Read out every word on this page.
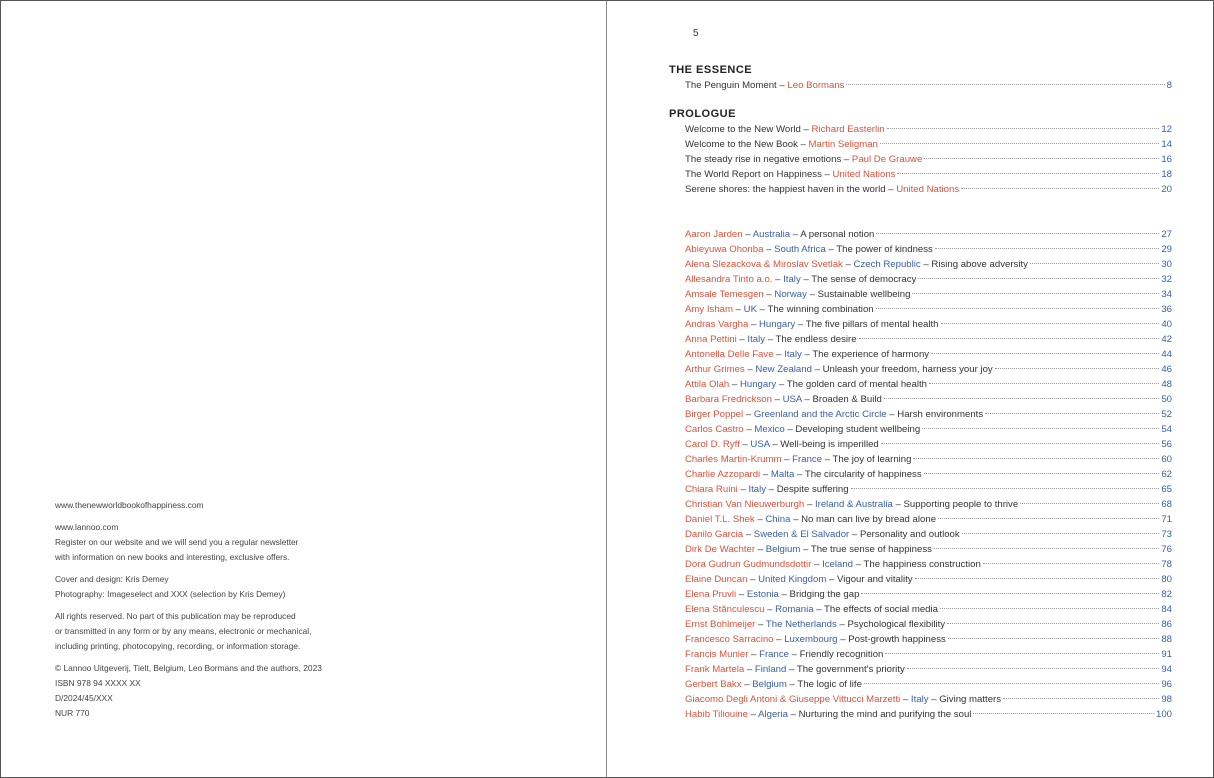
www.thenewworldbookofhappiness.com
www.lannoo.com
Register on our website and we will send you a regular newsletter
with information on new books and interesting, exclusive offers.
Cover and design: Kris Demey
Photography: Imageselect and XXX (selection by Kris Demey)
All rights reserved. No part of this publication may be reproduced
or transmitted in any form or by any means, electronic or mechanical,
including printing, photocopying, recording, or information storage.
© Lannoo Uitgeverij, Tielt, Belgium, Leo Bormans and the authors, 2023
ISBN 978 94 XXXX XX
D/2024/45/XXX
NUR 770
5
THE ESSENCE
The Penguin Moment – Leo Bormans	8
PROLOGUE
Welcome to the New World – Richard Easterlin	12
Welcome to the New Book – Martin Seligman	14
The steady rise in negative emotions – Paul De Grauwe	16
The World Report on Happiness – United Nations	18
Serene shores: the happiest haven in the world – United Nations	20
Aaron Jarden – Australia – A personal notion	27
Abieyuwa Ohonba – South Africa – The power of kindness	29
Alena Slezackova & Miroslav Svetlak – Czech Republic – Rising above adversity	30
Allesandra Tinto a.o. – Italy – The sense of democracy	32
Amsale Temesgen – Norway – Sustainable wellbeing	34
Amy Isham – UK – The winning combination	36
Andras Vargha – Hungary – The five pillars of mental health	40
Anna Pettini – Italy – The endless desire	42
Antonella Delle Fave – Italy – The experience of harmony	44
Arthur Grimes – New Zealand – Unleash your freedom, harness your joy	46
Attila Olah – Hungary – The golden card of mental health	48
Barbara Fredrickson – USA – Broaden & Build	50
Birger Poppel – Greenland and the Arctic Circle – Harsh environments	52
Carlos Castro – Mexico – Developing student wellbeing	54
Carol D. Ryff – USA – Well-being is imperilled	56
Charles Martin-Krumm – France – The joy of learning	60
Charlie Azzopardi – Malta – The circularity of happiness	62
Chiara Ruini – Italy – Despite suffering	65
Christian Van Nieuwerburgh – Ireland & Australia – Supporting people to thrive	68
Daniel T.L. Shek – China – No man can live by bread alone	71
Danilo Garcia – Sweden & El Salvador – Personality and outlook	73
Dirk De Wachter – Belgium – The true sense of happiness	76
Dora Gudrun Gudmundsdottir – Iceland – The happiness construction	78
Elaine Duncan – United Kingdom – Vigour and vitality	80
Elena Pruvli – Estonia – Bridging the gap	82
Elena Stănculescu – Romania – The effects of social media	84
Ernst Bohlmeijer – The Netherlands – Psychological flexibility	86
Francesco Sarracino – Luxembourg – Post-growth happiness	88
Francis Munier – France – Friendly recognition	91
Frank Martela – Finland – The government's priority	94
Gerbert Bakx – Belgium – The logic of life	96
Giacomo Degli Antoni & Giuseppe Vittucci Marzetti – Italy – Giving matters	98
Habib Tiliouine – Algeria – Nurturing the mind and purifying the soul	100
